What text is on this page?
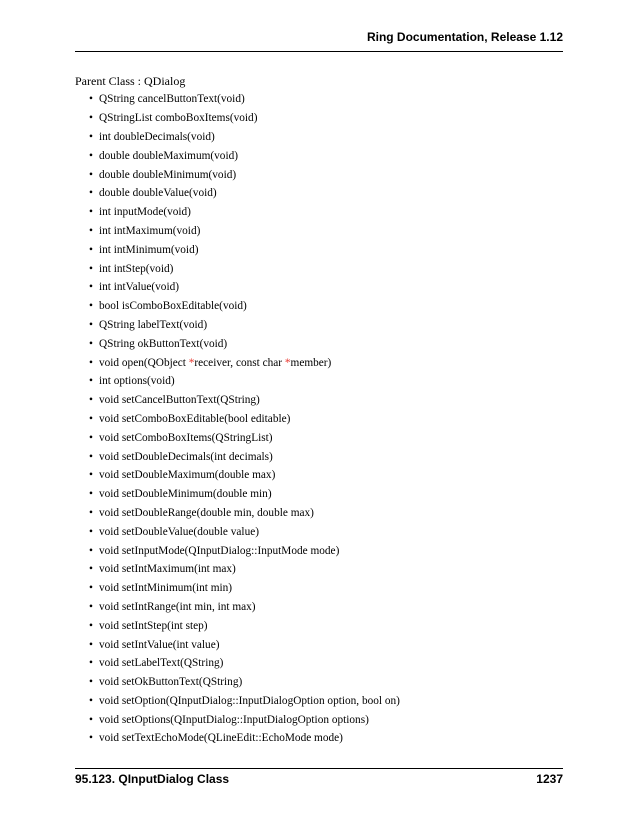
Ring Documentation, Release 1.12

Parent Class : QDialog

• QString cancelButtonText(void)
• QStringList comboBoxItems(void)
• int doubleDecimals(void)
• double doubleMaximum(void)
• double doubleMinimum(void)
• double doubleValue(void)
• int inputMode(void)
• int intMaximum(void)
• int intMinimum(void)
• int intStep(void)
• int intValue(void)
• bool isComboBoxEditable(void)
• QString labelText(void)
• QString okButtonText(void)
• void open(QObject *receiver, const char *member)
• int options(void)
• void setCancelButtonText(QString)
• void setComboBoxEditable(bool editable)
• void setComboBoxItems(QStringList)
• void setDoubleDecimals(int decimals)
• void setDoubleMaximum(double max)
• void setDoubleMinimum(double min)
• void setDoubleRange(double min, double max)
• void setDoubleValue(double value)
• void setInputMode(QInputDialog::InputMode mode)
• void setIntMaximum(int max)
• void setIntMinimum(int min)
• void setIntRange(int min, int max)
• void setIntStep(int step)
• void setIntValue(int value)
• void setLabelText(QString)
• void setOkButtonText(QString)
• void setOption(QInputDialog::InputDialogOption option, bool on)
• void setOptions(QInputDialog::InputDialogOption options)
• void setTextEchoMode(QLineEdit::EchoMode mode)
95.123. QInputDialog Class	1237
